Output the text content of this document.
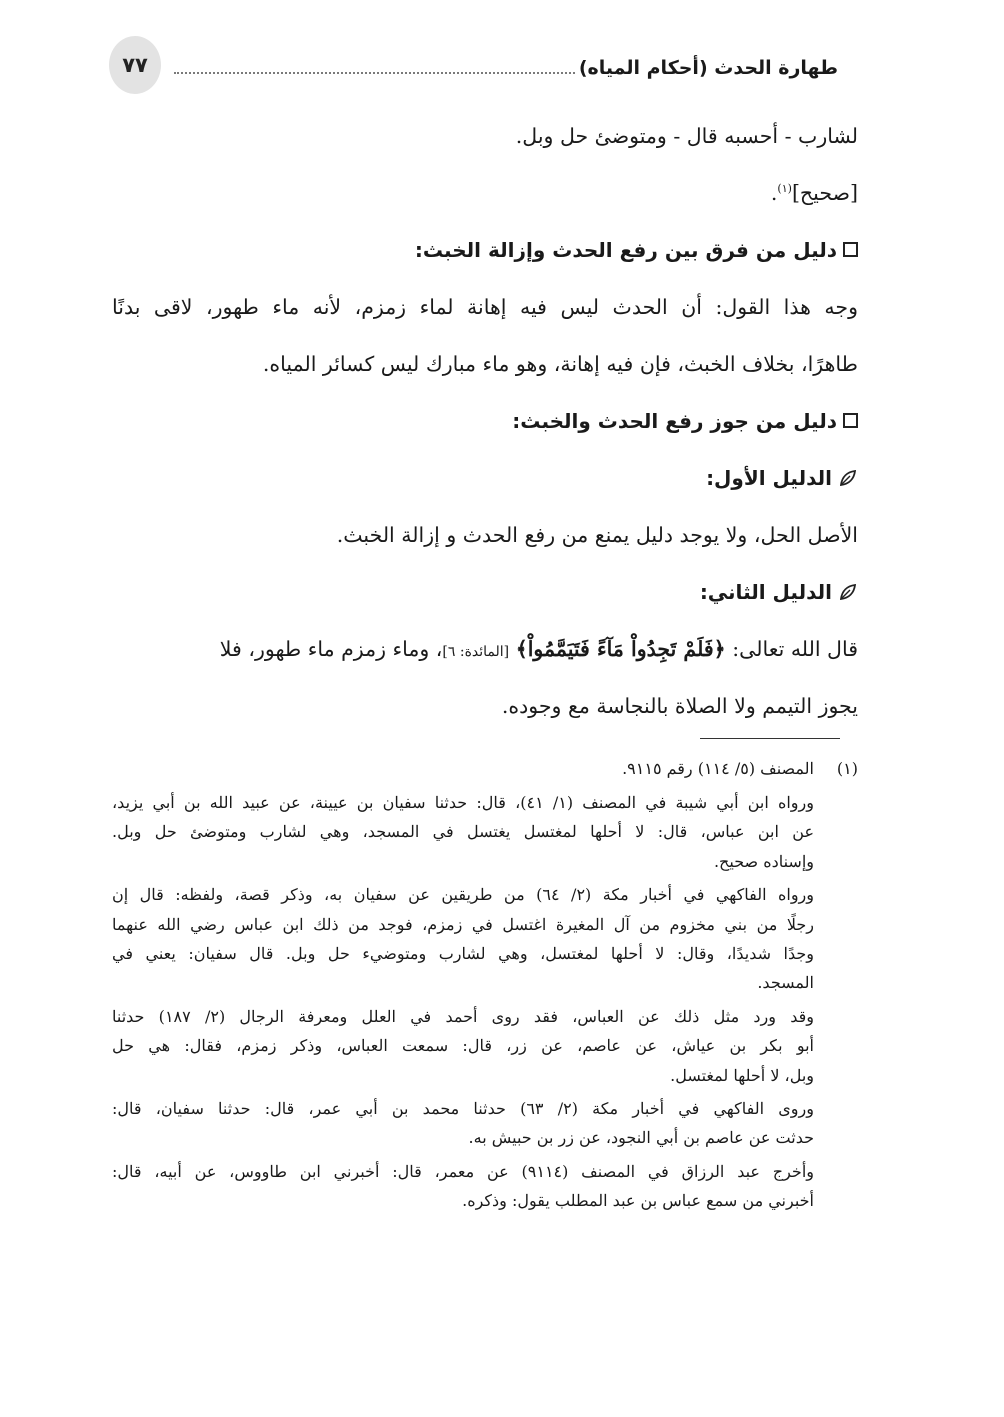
٧٧	طهارة الحدث (أحكام المياه)
لشارب - أحسبه قال - ومتوضئ حل وبل.
[صحيح]$^{(١)}$.
دليل من فرق بين رفع الحدث وإزالة الخبث:
وجه هذا القول: أن الحدث ليس فيه إهانة لماء زمزم، لأنه ماء طهور، لاقى بدنًا
طاهرًا، بخلاف الخبث، فإن فيه إهانة، وهو ماء مبارك ليس كسائر المياه.
دليل من جوز رفع الحدث والخبث:
الدليل الأول:
الأصل الحل، ولا يوجد دليل يمنع من رفع الحدث و إزالة الخبث.
الدليل الثاني:
قال الله تعالى: ﴿فَلَمْ تَجِدُواْ مَآءً فَتَيَمَّمُواْ﴾ [المائدة: ٦]، وماء زمزم ماء طهور، فلا
يجوز التيمم ولا الصلاة بالنجاسة مع وجوده.
(١)المصنف (٥/ ١١٤) رقم ٩١١٥.
ورواه ابن أبي شيبة في المصنف (١/ ٤١)، قال: حدثنا سفيان بن عيينة، عن عبيد الله بن أبي يزيد،
عن ابن عباس، قال: لا أحلها لمغتسل يغتسل في المسجد، وهي لشارب ومتوضئ حل وبل.
وإسناده صحيح.
ورواه الفاكهي في أخبار مكة (٢/ ٦٤) من طريقين عن سفيان به، وذكر قصة، ولفظه: قال إن
رجلًا من بني مخزوم من آل المغيرة اغتسل في زمزم، فوجد من ذلك ابن عباس رضي الله عنهما
وجدًا شديدًا، وقال: لا أحلها لمغتسل، وهي لشارب ومتوضيء حل وبل. قال سفيان: يعني في
المسجد.
وقد ورد مثل ذلك عن العباس، فقد روى أحمد في العلل ومعرفة الرجال (٢/ ١٨٧) حدثنا
أبو بكر بن عياش، عن عاصم، عن زر، قال: سمعت العباس، وذكر زمزم، فقال: هي حل
وبل، لا أحلها لمغتسل.
وروى الفاكهي في أخبار مكة (٢/ ٦٣) حدثنا محمد بن أبي عمر، قال: حدثنا سفيان، قال:
حدثت عن عاصم بن أبي النجود، عن زر بن حبيش به.
وأخرج عبد الرزاق في المصنف (٩١١٤) عن معمر، قال: أخبرني ابن طاووس، عن أبيه، قال:
أخبرني من سمع عباس بن عبد المطلب يقول: وذكره.
